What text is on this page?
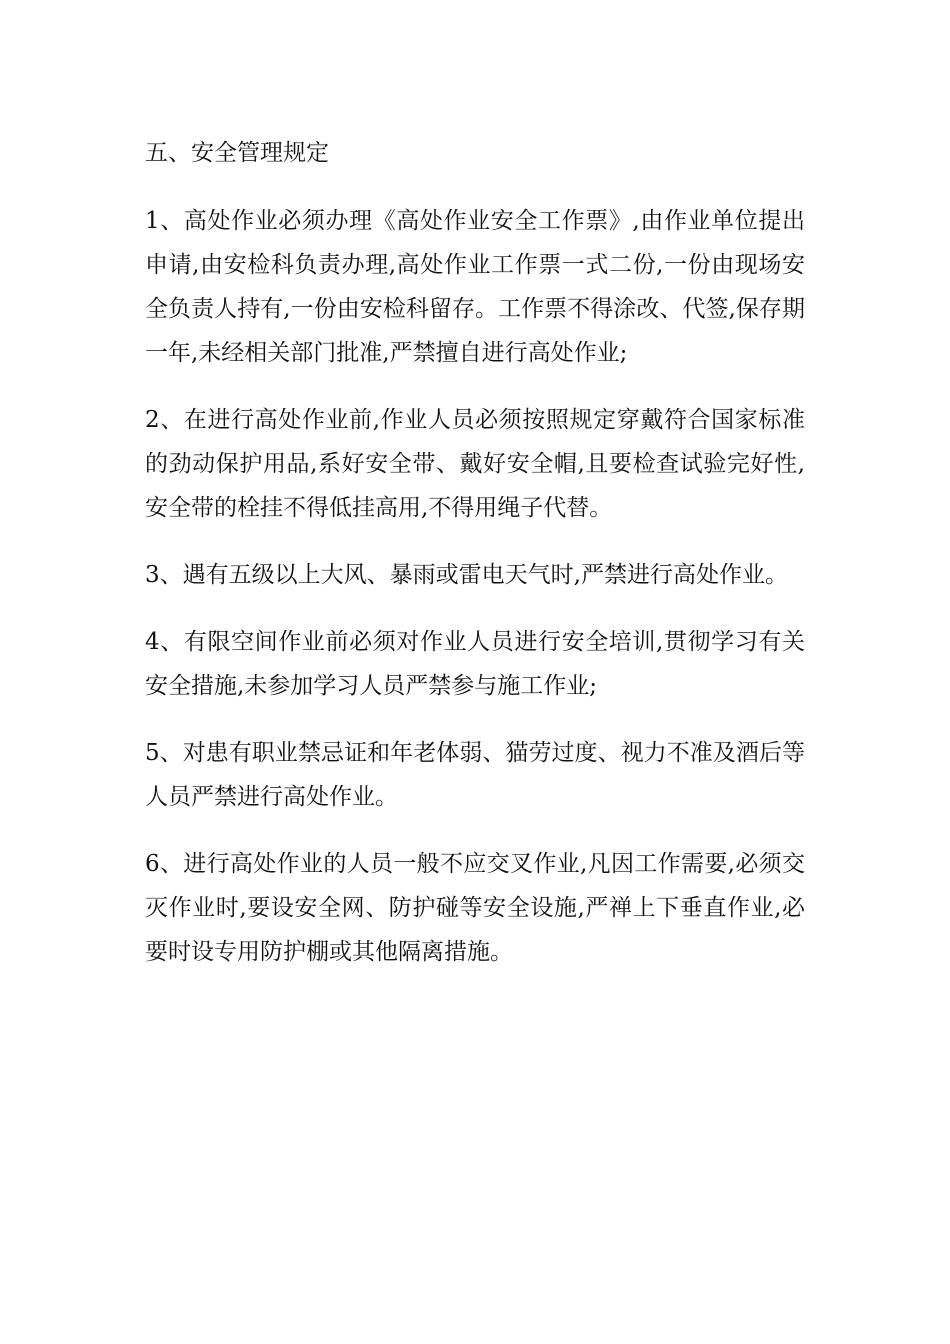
五、安全管理规定

1、高处作业必须办理《高处作业安全工作票》,由作业单位提出申请,由安检科负责办理,高处作业工作票一式二份,一份由现场安全负责人持有,一份由安检科留存。工作票不得涂改、代签,保存期一年,未经相关部门批准,严禁擅自进行高处作业;

2、在进行高处作业前,作业人员必须按照规定穿戴符合国家标准的劲动保护用品,系好安全带、戴好安全帽,且要检查试验完好性,安全带的栓挂不得低挂高用,不得用绳子代替。

3、遇有五级以上大风、暴雨或雷电天气时,严禁进行高处作业。

4、有限空间作业前必须对作业人员进行安全培训,贯彻学习有关安全措施,未参加学习人员严禁参与施工作业;

5、对患有职业禁忌证和年老体弱、猫劳过度、视力不准及酒后等人员严禁进行高处作业。

6、进行高处作业的人员一般不应交叉作业,凡因工作需要,必须交灭作业时,要设安全网、防护碰等安全设施,严禅上下垂直作业,必要时设专用防护棚或其他隔离措施。
